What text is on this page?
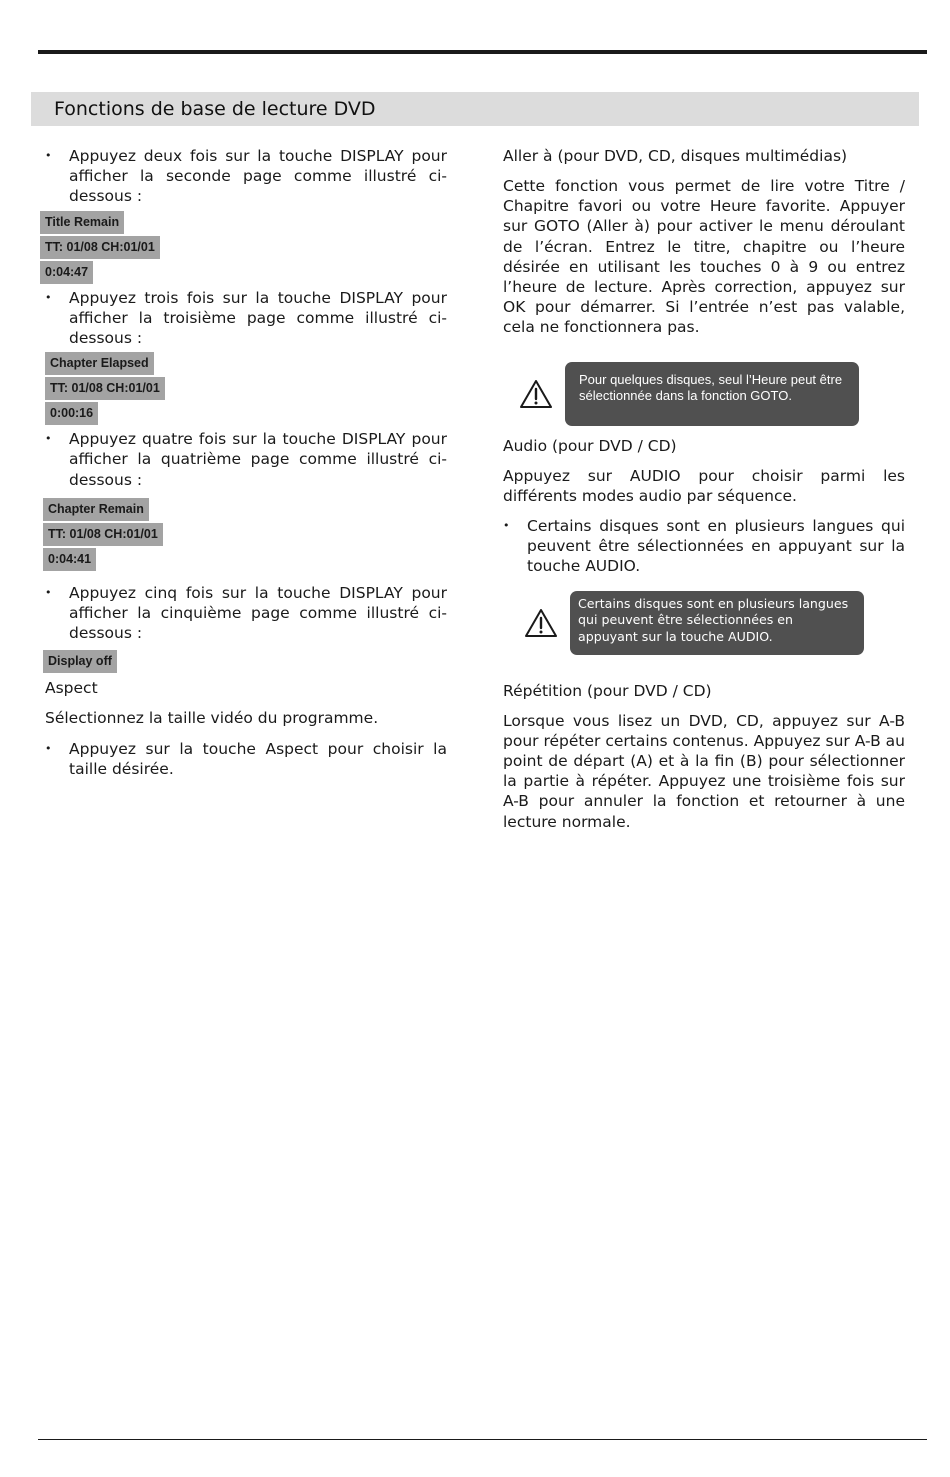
Fonctions de base de lecture DVD
• Appuyez deux fois sur la touche DISPLAY pour afficher la seconde page comme illustré ci-dessous :
Title Remain
TT: 01/08 CH:01/01
0:04:47
• Appuyez trois fois sur la touche DISPLAY pour afficher la troisième page comme illustré ci-dessous :
Chapter Elapsed
TT: 01/08 CH:01/01
0:00:16
• Appuyez quatre fois sur la touche DISPLAY pour afficher la quatrième page comme illustré ci-dessous :
Chapter Remain
TT: 01/08 CH:01/01
0:04:41
• Appuyez cinq fois sur la touche DISPLAY pour afficher la cinquième page comme illustré ci-dessous :
Display off

Aspect

Sélectionnez la taille vidéo du programme.

• Appuyez sur la touche Aspect pour choisir la taille désirée.

Aller à (pour DVD, CD, disques multimédias)

Cette fonction vous permet de lire votre Titre / Chapitre favori ou votre Heure favorite. Appuyer sur GOTO (Aller à) pour activer le menu déroulant de l’écran. Entrez le titre, chapitre ou l’heure désirée en utilisant les touches 0 à 9 ou entrez l’heure de lecture. Après correction, appuyez sur OK pour démarrer. Si l’entrée n’est pas valable, cela ne fonctionnera pas.

Pour quelques disques, seul l’Heure peut être sélectionnée dans la fonction GOTO.

Audio (pour DVD / CD)

Appuyez sur AUDIO pour choisir parmi les différents modes audio par séquence.

• Certains disques sont en plusieurs langues qui peuvent être sélectionnées en appuyant sur la touche AUDIO.
Certains disques sont en plusieurs langues qui peuvent être sélectionnées en appuyant sur la touche AUDIO.

Répétition (pour DVD / CD)

Lorsque vous lisez un DVD, CD, appuyez sur A-B pour répéter certains contenus. Appuyez sur A-B au point de départ (A) et à la fin (B) pour sélectionner la partie à répéter. Appuyez une troisième fois sur A-B pour annuler la fonction et retourner à une lecture normale.
